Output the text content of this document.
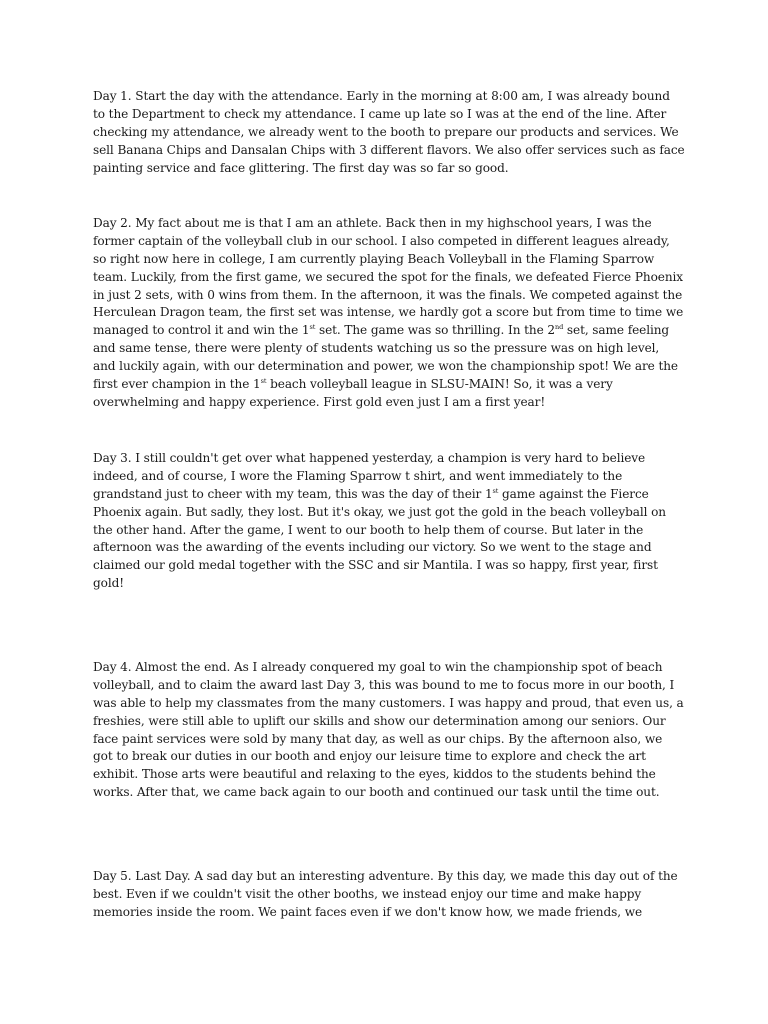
Day 1. Start the day with the attendance. Early in the morning at 8:00 am, I was already bound
to the Department to check my attendance. I came up late so I was at the end of the line. After
checking my attendance, we already went to the booth to prepare our products and services. We
sell Banana Chips and Dansalan Chips with 3 different flavors. We also offer services such as face
painting service and face glittering. The first day was so far so good.
Day 2. My fact about me is that I am an athlete. Back then in my highschool years, I was the
former captain of the volleyball club in our school. I also competed in different leagues already,
so right now here in college, I am currently playing Beach Volleyball in the Flaming Sparrow
team. Luckily, from the first game, we secured the spot for the finals, we defeated Fierce Phoenix
in just 2 sets, with 0 wins from them. In the afternoon, it was the finals. We competed against the
Herculean Dragon team, the first set was intense, we hardly got a score but from time to time we
managed to control it and win the 1st set. The game was so thrilling. In the 2nd set, same feeling
and same tense, there were plenty of students watching us so the pressure was on high level,
and luckily again, with our determination and power, we won the championship spot! We are the
first ever champion in the 1st beach volleyball league in SLSU-MAIN! So, it was a very
overwhelming and happy experience. First gold even just I am a first year!
Day 3. I still couldn't get over what happened yesterday, a champion is very hard to believe
indeed, and of course, I wore the Flaming Sparrow t shirt, and went immediately to the
grandstand just to cheer with my team, this was the day of their 1st game against the Fierce
Phoenix again. But sadly, they lost. But it's okay, we just got the gold in the beach volleyball on
the other hand. After the game, I went to our booth to help them of course. But later in the
afternoon was the awarding of the events including our victory. So we went to the stage and
claimed our gold medal together with the SSC and sir Mantila. I was so happy, first year, first
gold!
Day 4. Almost the end. As I already conquered my goal to win the championship spot of beach
volleyball, and to claim the award last Day 3, this was bound to me to focus more in our booth, I
was able to help my classmates from the many customers. I was happy and proud, that even us, a
freshies, were still able to uplift our skills and show our determination among our seniors. Our
face paint services were sold by many that day, as well as our chips. By the afternoon also, we
got to break our duties in our booth and enjoy our leisure time to explore and check the art
exhibit. Those arts were beautiful and relaxing to the eyes, kiddos to the students behind the
works. After that, we came back again to our booth and continued our task until the time out.
Day 5. Last Day. A sad day but an interesting adventure. By this day, we made this day out of the
best. Even if we couldn't visit the other booths, we instead enjoy our time and make happy
memories inside the room. We paint faces even if we don't know how, we made friends, we
